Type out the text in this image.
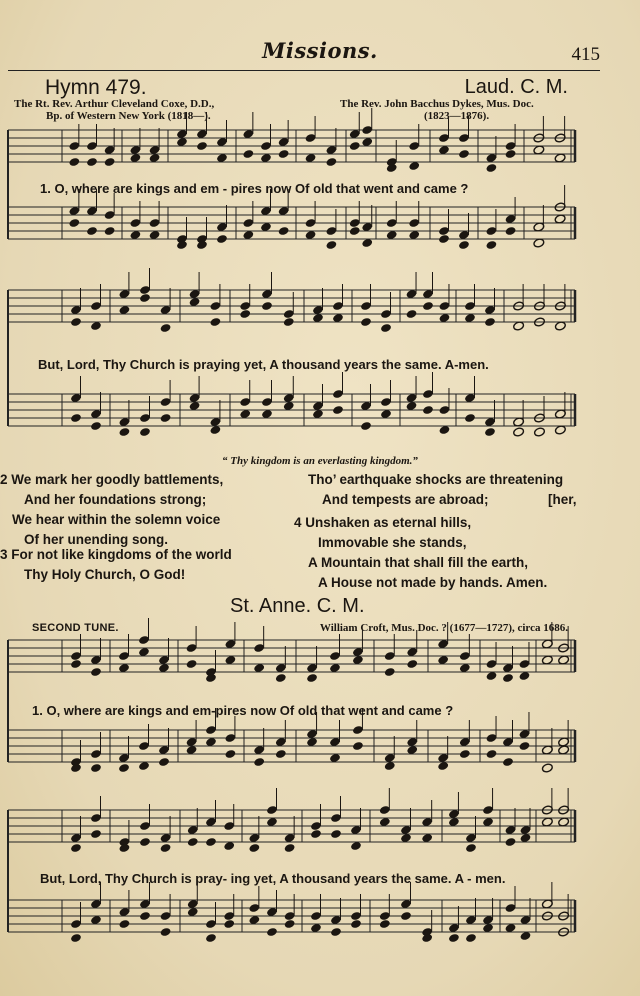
Missions.	415
Hymn 479.	Laud. C. M.
The Rt. Rev. Arthur Cleveland Coxe, D.D.,
Bp. of Western New York (1818—).
The Rev. John Bacchus Dykes, Mus. Doc.
(1823—1876).
1. O, where are kings and em - pires now Of old that went and came ?
But, Lord, Thy Church is praying yet, A thousand years the same. A-men.
“ Thy kingdom is an everlasting kingdom.”
2 We mark her goodly battlements,
And her foundations strong;
We hear within the solemn voice
Of her unending song.
3 For not like kingdoms of the world
Thy Holy Church, O God!
Tho’ earthquake shocks are threatening
And tempests are abroad;	[her,
4 Unshaken as eternal hills,
Immovable she stands,
A Mountain that shall fill the earth,
A House not made by hands. Amen.
St. Anne. C. M.
SECOND TUNE.	William Croft, Mus. Doc. ? (1677—1727), circa 1686.
1. O, where are kings and em-pires now Of old that went and came ?
But, Lord, Thy Church is pray- ing yet, A thousand years the same. A - men.
